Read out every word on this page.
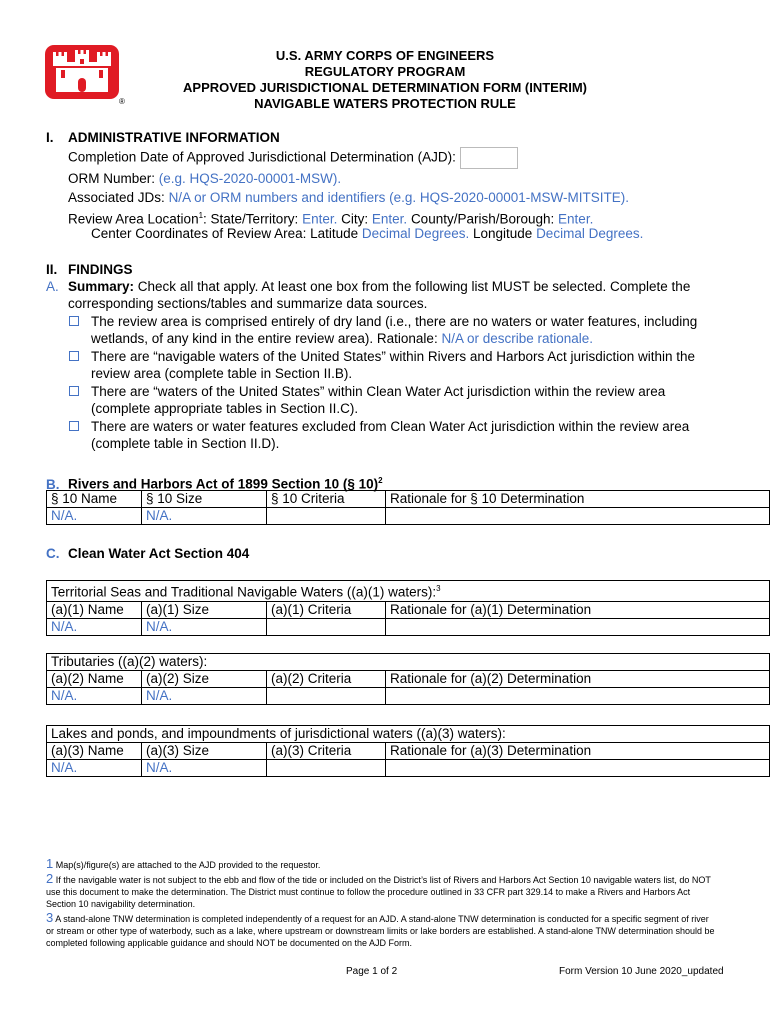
®
U.S. ARMY CORPS OF ENGINEERS
REGULATORY PROGRAM
APPROVED JURISDICTIONAL DETERMINATION FORM (INTERIM)
NAVIGABLE WATERS PROTECTION RULE
I. ADMINISTRATIVE INFORMATION
Completion Date of Approved Jurisdictional Determination (AJD):
ORM Number: (e.g. HQS-2020-00001-MSW).
Associated JDs: N/A or ORM numbers and identifiers (e.g. HQS-2020-00001-MSW-MITSITE).
Review Area Location$^1$: State/Territory: Enter. City: Enter. County/Parish/Borough: Enter.
Center Coordinates of Review Area: Latitude Decimal Degrees. Longitude Decimal Degrees.
II. FINDINGS
A. Summary: Check all that apply. At least one box from the following list MUST be selected. Complete the
corresponding sections/tables and summarize data sources.
The review area is comprised entirely of dry land (i.e., there are no waters or water features, including
wetlands, of any kind in the entire review area). Rationale: N/A or describe rationale.
There are “navigable waters of the United States” within Rivers and Harbors Act jurisdiction within the
review area (complete table in Section II.B).
There are “waters of the United States” within Clean Water Act jurisdiction within the review area
(complete appropriate tables in Section II.C).
There are waters or water features excluded from Clean Water Act jurisdiction within the review area
(complete table in Section II.D).
B. Rivers and Harbors Act of 1899 Section 10 (§ 10)$^2$
§ 10 Name	§ 10 Size	§ 10 Criteria	Rationale for § 10 Determination
N/A.	N/A.		
C. Clean Water Act Section 404
Territorial Seas and Traditional Navigable Waters ((a)(1) waters):$^3$
(a)(1) Name	(a)(1) Size	(a)(1) Criteria	Rationale for (a)(1) Determination
N/A.	N/A.		
Tributaries ((a)(2) waters):			
(a)(2) Name	(a)(2) Size	(a)(2) Criteria	Rationale for (a)(2) Determination
N/A.	N/A.		
Lakes and ponds, and impoundments of jurisdictional waters ((a)(3) waters):			
(a)(3) Name	(a)(3) Size	(a)(3) Criteria	Rationale for (a)(3) Determination
N/A.	N/A.		
1 Map(s)/figure(s) are attached to the AJD provided to the requestor.
2 If the navigable water is not subject to the ebb and flow of the tide or included on the District’s list of Rivers and Harbors Act Section 10 navigable waters list, do NOT use this document to make the determination. The District must continue to follow the procedure outlined in 33 CFR part 329.14 to make a Rivers and Harbors Act Section 10 navigability determination.
3 A stand-alone TNW determination is completed independently of a request for an AJD. A stand-alone TNW determination is conducted for a specific segment of river or stream or other type of waterbody, such as a lake, where upstream or downstream limits or lake borders are established. A stand-alone TNW determination should be completed following applicable guidance and should NOT be documented on the AJD Form.
Page 1 of 2	Form Version 10 June 2020_updated
